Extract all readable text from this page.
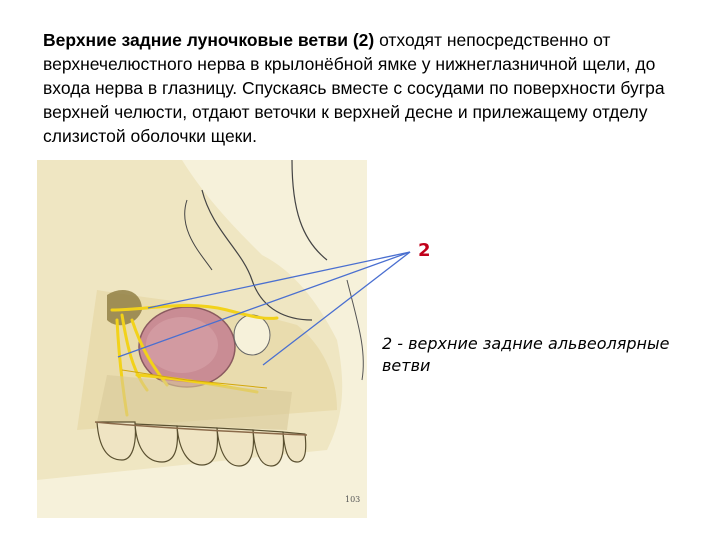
Верхние задние луночковые ветви (2) отходят непосредственно от верхнечелюстного нерва в крылонёбной ямке у нижнеглазничной щели, до входа нерва в глазницу. Спускаясь вместе с сосудами по поверхности бугра верхней челюсти, отдают веточки к верхней десне и прилежащему отделу слизистой оболочки щеки.
103
2
2 - верхние задние альвеолярные ветви
